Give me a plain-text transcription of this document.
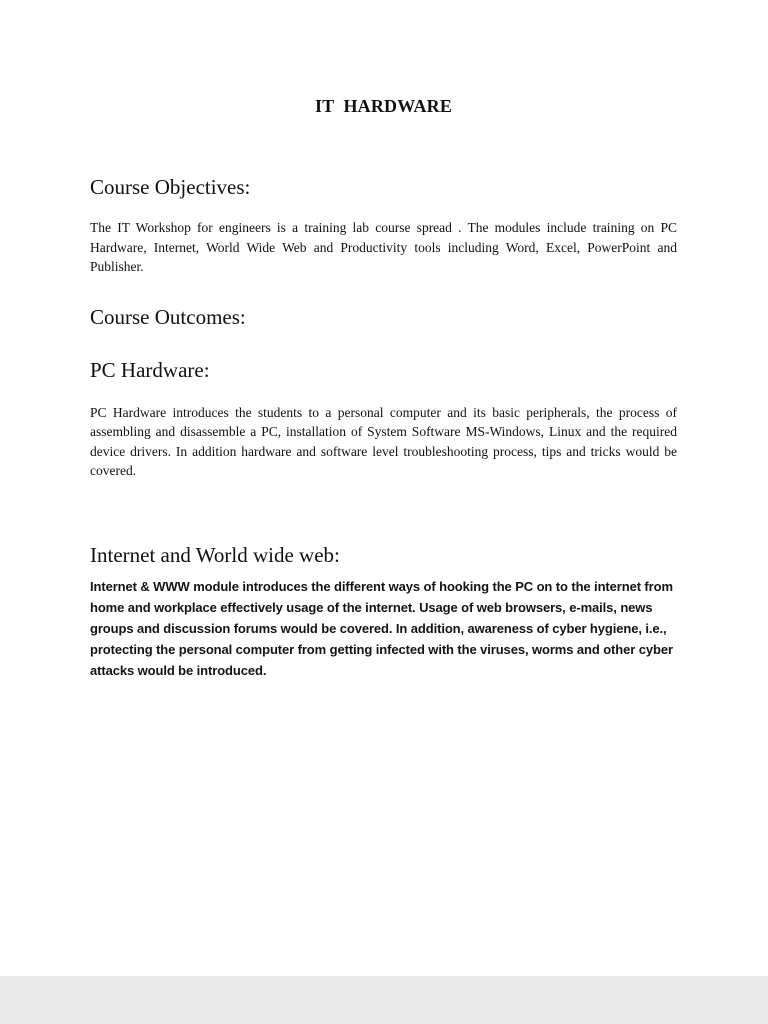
IT  HARDWARE
Course Objectives:

The IT Workshop for engineers is a training lab course spread . The modules include training on PC Hardware, Internet, World Wide Web and Productivity tools including Word, Excel, PowerPoint and Publisher.

Course Outcomes:
PC Hardware:

PC Hardware introduces the students to a personal computer and its basic peripherals, the process of assembling and disassemble a PC, installation of System Software MS-Windows, Linux and the required device drivers. In addition hardware and software level troubleshooting process, tips and tricks would be covered.

Internet and World wide web:

Internet & WWW module introduces the different ways of hooking the PC on to the internet from home and workplace effectively usage of the internet. Usage of web browsers, e-mails, news groups and discussion forums would be covered. In addition, awareness of cyber hygiene, i.e., protecting the personal computer from getting infected with the viruses, worms and other cyber attacks would be introduced.
